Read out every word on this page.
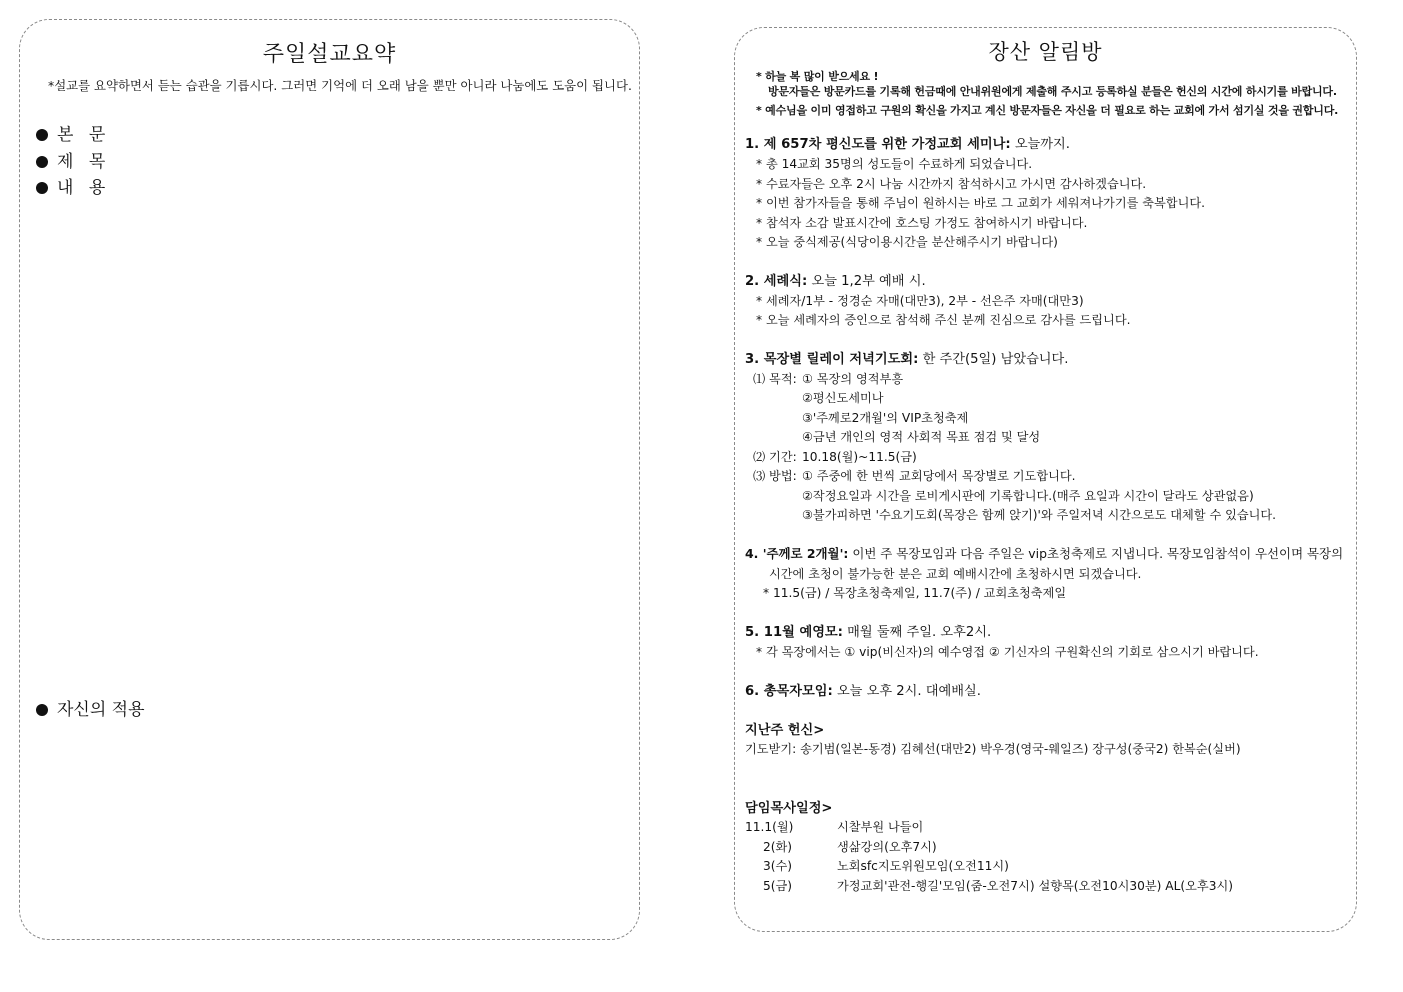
주일설교요약
*설교를 요약하면서 듣는 습관을 기릅시다. 그러면 기억에 더 오래 남을 뿐만 아니라 나눔에도 도움이 됩니다.
본 문
제 목
내 용
자신의 적용
장산 알림방
* 하늘 복 많이 받으세요 !
방문자들은 방문카드를 기록해 헌금때에 안내위원에게 제출해 주시고 등록하실 분들은 헌신의 시간에 하시기를 바랍니다.
* 예수님을 이미 영접하고 구원의 확신을 가지고 계신 방문자들은 자신을 더 필요로 하는 교회에 가서 섬기실 것을 권합니다.
1. 제 657차 평신도를 위한 가정교회 세미나: 오늘까지.
* 총 14교회 35명의 성도들이 수료하게 되었습니다.
* 수료자들은 오후 2시 나눔 시간까지 참석하시고 가시면 감사하겠습니다.
* 이번 참가자들을 통해 주님이 원하시는 바로 그 교회가 세워져나가기를 축복합니다.
* 참석자 소감 발표시간에 호스팅 가정도 참여하시기 바랍니다.
* 오늘 중식제공(식당이용시간을 분산해주시기 바랍니다)
2. 세례식: 오늘 1,2부 예배 시.
* 세례자/1부 - 정경순 자매(대만3), 2부 - 선은주 자매(대만3)
* 오늘 세례자의 증인으로 참석해 주신 분께 진심으로 감사를 드립니다.
3. 목장별 릴레이 저녁기도회: 한 주간(5일) 남았습니다.
⑴ 목적: ① 목장의 영적부흥
②평신도세미나
③'주께로2개월'의 VIP초청축제
④금년 개인의 영적 사회적 목표 점검 및 달성
⑵ 기간: 10.18(월)~11.5(금)
⑶ 방법: ① 주중에 한 번씩 교회당에서 목장별로 기도합니다.
②작정요일과 시간을 로비게시판에 기록합니다.(매주 요일과 시간이 달라도 상관없음)
③불가피하면 '수요기도회(목장은 함께 앉기)'와 주일저녁 시간으로도 대체할 수 있습니다.
4. '주께로 2개월': 이번 주 목장모임과 다음 주일은 vip초청축제로 지냅니다. 목장모임참석이 우선이며 목장의
시간에 초청이 불가능한 분은 교회 예배시간에 초청하시면 되겠습니다.
* 11.5(금) / 목장초청축제일, 11.7(주) / 교회초청축제일
5. 11월 예영모: 매월 둘째 주일. 오후2시.
* 각 목장에서는 ① vip(비신자)의 예수영접 ② 기신자의 구원확신의 기회로 삼으시기 바랍니다.
6. 총목자모임: 오늘 오후 2시. 대예배실.
지난주 헌신>
기도받기: 송기범(일본-동경) 김혜선(대만2) 박우경(영국-웨일즈) 장구성(중국2) 한복순(실버)
담임목사일정>
11.1(월)	시찰부원 나들이
2(화)	생삶강의(오후7시)
3(수)	노회sfc지도위원모임(오전11시)
5(금)	가정교회'관전-행길'모임(줌-오전7시) 설향목(오전10시30분) AL(오후3시)
